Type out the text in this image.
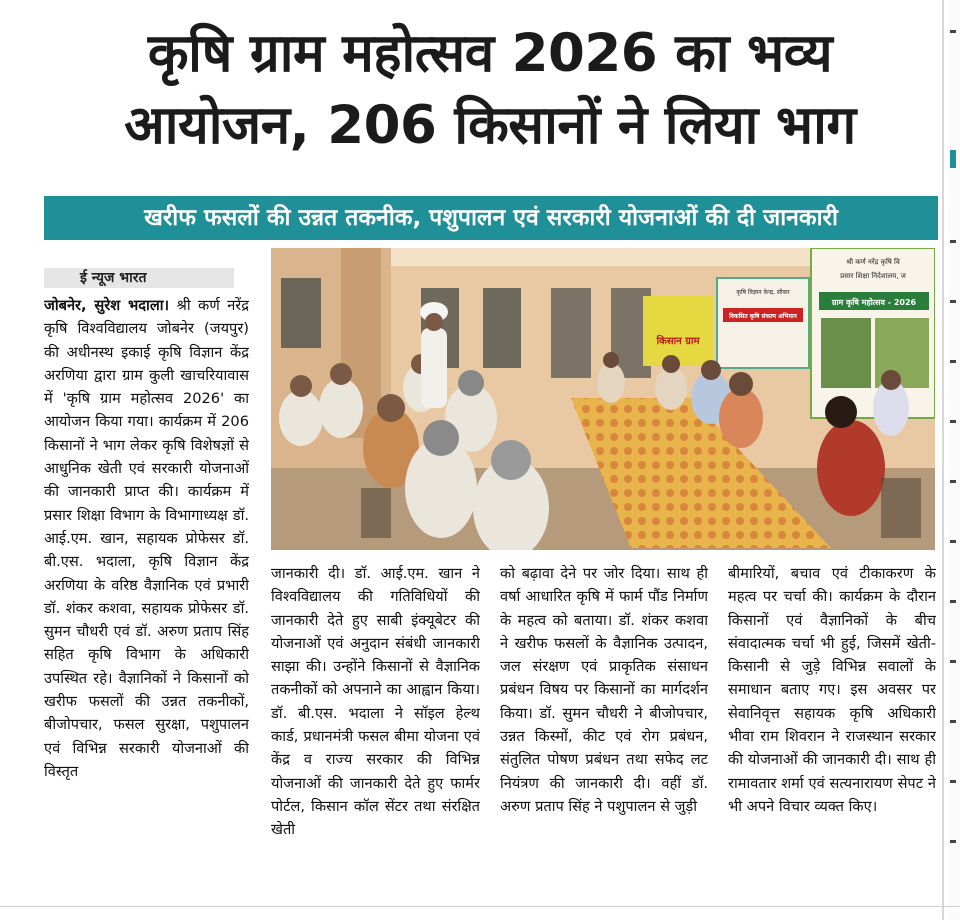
कृषि ग्राम महोत्सव 2026 का भव्य
आयोजन, 206 किसानों ने लिया भाग
खरीफ फसलों की उन्नत तकनीक, पशुपालन एवं सरकारी योजनाओं की दी जानकारी
ई न्यूज भारत
जोबनेर, सुरेश भदाला। श्री कर्ण नरेंद्र कृषि विश्वविद्यालय जोबनेर (जयपुर) की अधीनस्थ इकाई कृषि विज्ञान केंद्र अरणिया द्वारा ग्राम कुली खाचरियावास में 'कृषि ग्राम महोत्सव 2026' का आयोजन किया गया। कार्यक्रम में 206 किसानों ने भाग लेकर कृषि विशेषज्ञों से आधुनिक खेती एवं सरकारी योजनाओं की जानकारी प्राप्त की। कार्यक्रम में प्रसार शिक्षा विभाग के विभागाध्यक्ष डॉ. आई.एम. खान, सहायक प्रोफेसर डॉ. बी.एस. भदाला, कृषि विज्ञान केंद्र अरणिया के वरिष्ठ वैज्ञानिक एवं प्रभारी डॉ. शंकर कशवा, सहायक प्रोफेसर डॉ. सुमन चौधरी एवं डॉ. अरुण प्रताप सिंह सहित कृषि विभाग के अधिकारी उपस्थित रहे। वैज्ञानिकों ने किसानों को खरीफ फसलों की उन्नत तकनीकों, बीजोपचार, फसल सुरक्षा, पशुपालन एवं विभिन्न सरकारी योजनाओं की विस्तृत
किसान ग्राम
कृषि विज्ञान केन्द्र, सीकर
विकसित कृषि संकल्प अभियान
श्री कर्ण नरेंद्र कृषि वि
प्रसार शिक्षा निदेशालय, ज
ग्राम कृषि महोत्सव - 2026
जानकारी दी। डॉ. आई.एम. खान ने विश्वविद्यालय की गतिविधियों की जानकारी देते हुए साबी इंक्यूबेटर की योजनाओं एवं अनुदान संबंधी जानकारी साझा की। उन्होंने किसानों से वैज्ञानिक तकनीकों को अपनाने का आह्वान किया। डॉ. बी.एस. भदाला ने सॉइल हेल्थ कार्ड, प्रधानमंत्री फसल बीमा योजना एवं केंद्र व राज्य सरकार की विभिन्न योजनाओं की जानकारी देते हुए फार्मर पोर्टल, किसान कॉल सेंटर तथा संरक्षित खेती
को बढ़ावा देने पर जोर दिया। साथ ही वर्षा आधारित कृषि में फार्म पौंड निर्माण के महत्व को बताया। डॉ. शंकर कशवा ने खरीफ फसलों के वैज्ञानिक उत्पादन, जल संरक्षण एवं प्राकृतिक संसाधन प्रबंधन विषय पर किसानों का मार्गदर्शन किया। डॉ. सुमन चौधरी ने बीजोपचार, उन्नत किस्मों, कीट एवं रोग प्रबंधन, संतुलित पोषण प्रबंधन तथा सफेद लट नियंत्रण की जानकारी दी। वहीं डॉ. अरुण प्रताप सिंह ने पशुपालन से जुड़ी
बीमारियों, बचाव एवं टीकाकरण के महत्व पर चर्चा की। कार्यक्रम के दौरान किसानों एवं वैज्ञानिकों के बीच संवादात्मक चर्चा भी हुई, जिसमें खेती-किसानी से जुड़े विभिन्न सवालों के समाधान बताए गए। इस अवसर पर सेवानिवृत्त सहायक कृषि अधिकारी भीवा राम शिवरान ने राजस्थान सरकार की योजनाओं की जानकारी दी। साथ ही रामावतार शर्मा एवं सत्यनारायण सेपट ने भी अपने विचार व्यक्त किए।
